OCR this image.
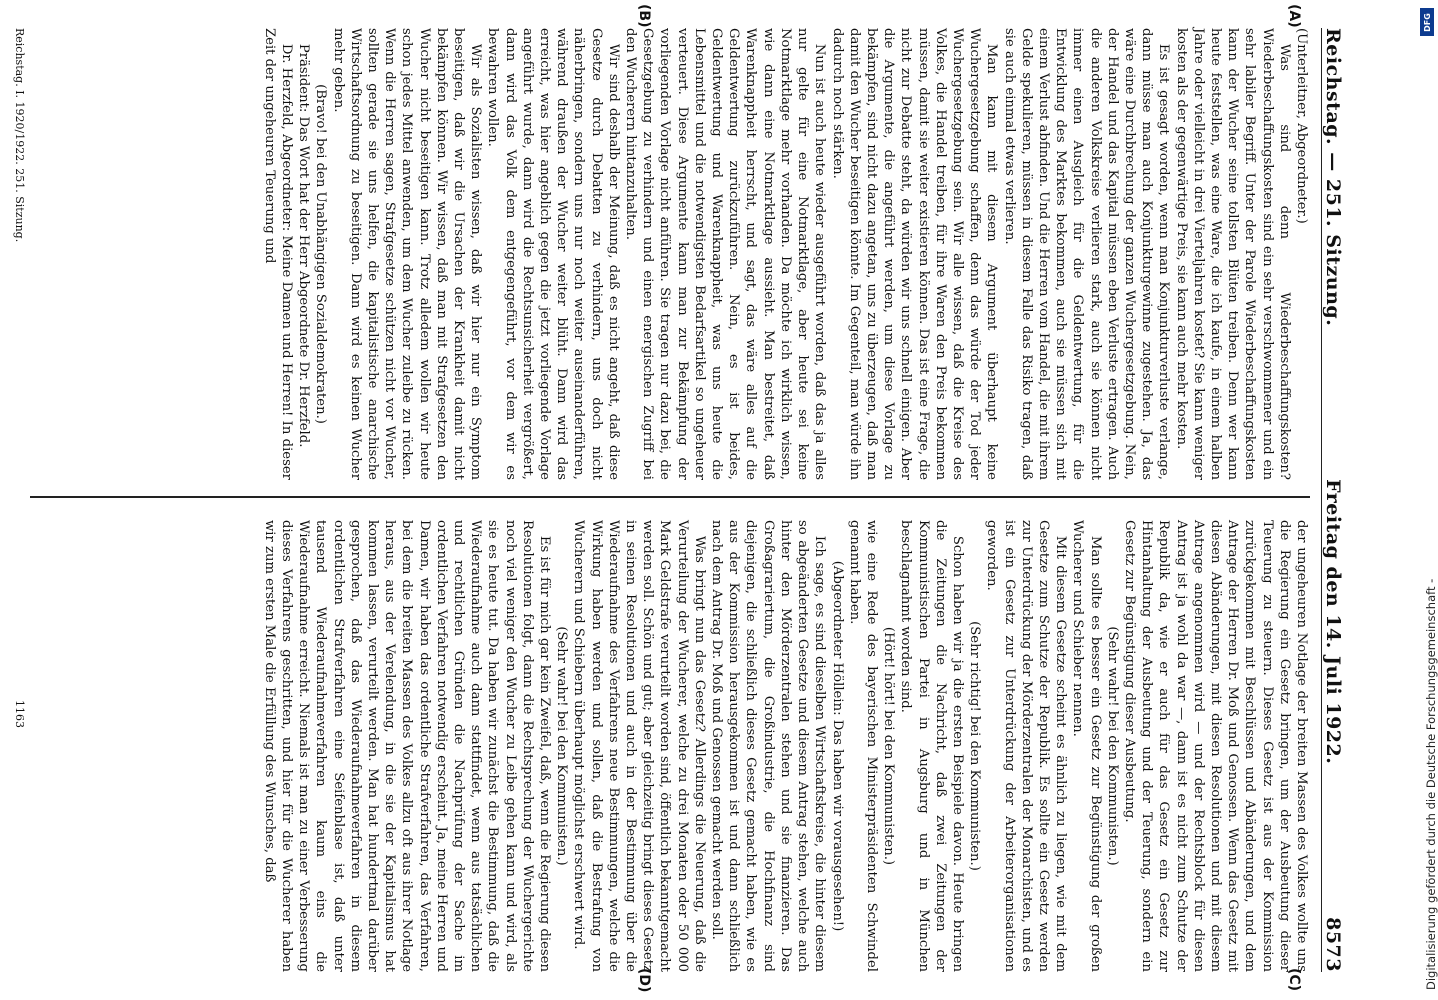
Reichstag. — 251. Sitzung.
Freitag den 14. Juli 1922.
8573
(A)
(B)
(C)
(D)

(Unterleitner, Abgeordneter.)

Was sind denn Wiederbeschaffungskosten? Wiederbeschaffungskosten sind ein sehr verschwommener und ein sehr labiler Begriff. Unter der Parole Wiederbeschaffungskosten kann der Wucher seine tollsten Blüten treiben. Denn wer kann heute feststellen, was eine Ware, die ich kaufe, in einem halben Jahre oder vielleicht in drei Vierteljahren kostet? Sie kann weniger kosten als der gegenwärtige Preis, sie kann auch mehr kosten.

Es ist gesagt worden, wenn man Konjunkturverluste verlange, dann müsse man auch Konjunkturgewinne zugestehen. Ja, das wäre eine Durchbrechung der ganzen Wuchergesetzgebung. Nein, der Handel und das Kapital müssen eben Verluste ertragen. Auch die anderen Volkskreise verlieren stark, auch sie können nicht immer einen Ausgleich für die Geldentwertung, für die Entwicklung des Marktes bekommen, auch sie müssen sich mit einem Verlust abfinden. Und die Herren vom Handel, die mit ihrem Gelde spekulieren, müssen in diesem Falle das Risiko tragen, daß sie auch einmal etwas verlieren.

Man kann mit diesem Argument überhaupt keine Wuchergesetzgebung schaffen, denn das würde der Tod jeder Wuchergesetzgebung sein. Wir alle wissen, daß die Kreise des Volkes, die Handel treiben, für ihre Waren den Preis bekommen müssen, damit sie weiter existieren können. Das ist eine Frage, die nicht zur Debatte steht, da würden wir uns schnell einigen. Aber die Argumente, die angeführt werden, um diese Vorlage zu bekämpfen, sind nicht dazu angetan, uns zu überzeugen, daß man damit den Wucher beseitigen könnte. Im Gegenteil, man würde ihn dadurch noch stärken.

Nun ist auch heute wieder ausgeführt worden, daß das ja alles nur gelte für eine Notmarktlage, aber heute sei keine Notmarktlage mehr vorhanden. Da möchte ich wirklich wissen, wie dann eine Notmarktlage aussieht. Man bestreitet, daß Warenknappheit herrscht, und sagt, das wäre alles auf die Geldentwertung zurückzuführen. Nein, es ist beides, Geldentwertung und Warenknappheit, was uns heute die Lebensmittel und die notwendigsten Bedarfsartikel so ungeheuer verteuert. Diese Argumente kann man zur Bekämpfung der vorliegenden Vorlage nicht anführen. Sie tragen nur dazu bei, die Gesetzgebung zu verhindern und einen energischen Zugriff bei den Wucherern hintanzuhalten.

Wir sind deshalb der Meinung, daß es nicht angeht, daß diese Gesetze durch Debatten zu verhindern, uns doch nicht näherbringen, sondern uns nur noch weiter auseinanderführen, während draußen der Wucher weiter blüht. Dann wird das erreicht, was hier angeblich gegen die jetzt vorliegende Vorlage angeführt wurde, dann wird die Rechtsunsicherheit vergrößert, dann wird das Volk dem entgegengeführt, vor dem wir es bewahren wollen.

Wir als Sozialisten wissen, daß wir hier nur ein Symptom beseitigen, daß wir die Ursachen der Krankheit damit nicht bekämpfen können. Wir wissen, daß man mit Strafgesetzen den Wucher nicht beseitigen kann. Trotz alledem wollen wir heute schon jedes Mittel anwenden, um dem Wucher zuleibe zu rücken. Wenn die Herren sagen, Strafgesetze schützen nicht vor Wucher, sollten gerade sie uns helfen, die kapitalistische anarchische Wirtschaftsordnung zu beseitigen. Dann wird es keinen Wucher mehr geben.

(Bravo! bei den Unabhängigen Sozialdemokraten.)

Präsident: Das Wort hat der Herr Abgeordnete Dr. Herzfeld.

Dr. Herzfeld, Abgeordneter: Meine Damen und Herren! In dieser Zeit der ungeheuren Teuerung und

der ungeheuren Notlage der breiten Massen des Volkes wollte uns die Regierung ein Gesetz bringen, um der Ausbeutung dieser Teuerung zu steuern. Dieses Gesetz ist aus der Kommission zurückgekommen mit Beschlüssen und Abänderungen, und dem Antrage der Herren Dr. Moß und Genossen. Wenn das Gesetz mit diesen Abänderungen, mit diesen Resolutionen und mit diesem Antrage angenommen wird — und der Rechtsblock für diesen Antrag ist ja wohl da war —, dann ist es nicht zum Schutze der Republik da, wie er auch für das Gesetz ein Gesetz zur Hintanhaltung der Ausbeutung und der Teuerung, sondern ein Gesetz zur Begünstigung dieser Ausbeutung.

(Sehr wahr! bei den Kommunisten.)

Man sollte es besser ein Gesetz zur Begünstigung der großen Wucherer und Schieber nennen.

Mit diesem Gesetze scheint es ähnlich zu liegen, wie mit dem Gesetze zum Schutze der Republik. Es sollte ein Gesetz werden zur Unterdrückung der Mörderzentralen der Monarchisten, und es ist ein Gesetz zur Unterdrückung der Arbeiterorganisationen geworden.

(Sehr richtig! bei den Kommunisten.)

Schon haben wir ja die ersten Beispiele davon. Heute bringen die Zeitungen die Nachricht, daß zwei Zeitungen der Kommunistischen Partei in Augsburg und in München beschlagnahmt worden sind.

(Hört! hört! bei den Kommunisten.)

wie eine Rede des bayerischen Ministerpräsidenten Schwindel genannt haben.

(Abgeordneter Höllein: Das haben wir vorausgesehen!)

Ich sage, es sind dieselben Wirtschaftskreise, die hinter diesem so abgeänderten Gesetze und diesem Antrag stehen, welche auch hinter den Mörderzentralen stehen und sie finanzieren. Das Großagrariertum, die Großindustrie, die Hochfinanz sind diejenigen, die schließlich dieses Gesetz gemacht haben, wie es aus der Kommission herausgekommen ist und dann schließlich nach dem Antrag Dr. Moß und Genossen gemacht werden soll.

Was bringt nun das Gesetz? Allerdings die Neuerung, daß die Verurteilung der Wucherer, welche zu drei Monaten oder 50 000 Mark Geldstrafe verurteilt worden sind, öffentlich bekanntgemacht werden soll. Schön und gut; aber gleichzeitig bringt dieses Gesetz in seinen Resolutionen und auch in der Bestimmung über die Wiederaufnahme des Verfahrens neue Bestimmungen, welche die Wirkung haben werden und sollen, daß die Bestrafung von Wucherern und Schiebern überhaupt möglichst erschwert wird.

(Sehr wahr! bei den Kommunisten.)

Es ist für mich gar kein Zweifel, daß, wenn die Regierung diesen Resolutionen folgt, dann die Rechtsprechung der Wuchergerichte noch viel weniger den Wucher zu Leibe gehen kann und wird, als sie es heute tut. Da haben wir zunächst die Bestimmung, daß die Wiederaufnahme auch dann stattfindet, wenn aus tatsächlichen und rechtlichen Gründen die Nachprüfung der Sache im ordentlichen Verfahren notwendig erscheint. Ja, meine Herren und Damen, wir haben das ordentliche Strafverfahren, das Verfahren, bei dem die breiten Massen des Volkes allzu oft aus ihrer Notlage heraus, aus der Verelendung, in die sie der Kapitalismus hat kommen lassen, verurteilt werden. Man hat hundertmal darüber gesprochen, daß das Wiederaufnahmeverfahren in diesem ordentlichen Strafverfahren eine Seifenblase ist, daß unter tausend Wiederaufnahmeverfahren kaum eins die Wiederaufnahme erreicht. Niemals ist man zu einer Verbesserung dieses Verfahrens geschritten, und hier für die Wucherer haben wir zum ersten Male die Erfüllung des Wunsches, daß

Reichstag. I. 1920/1922. 251. Sitzung.
1163	Digitalisierung gefördert durch die Deutsche Forschungsgemeinschaft -
DFG
